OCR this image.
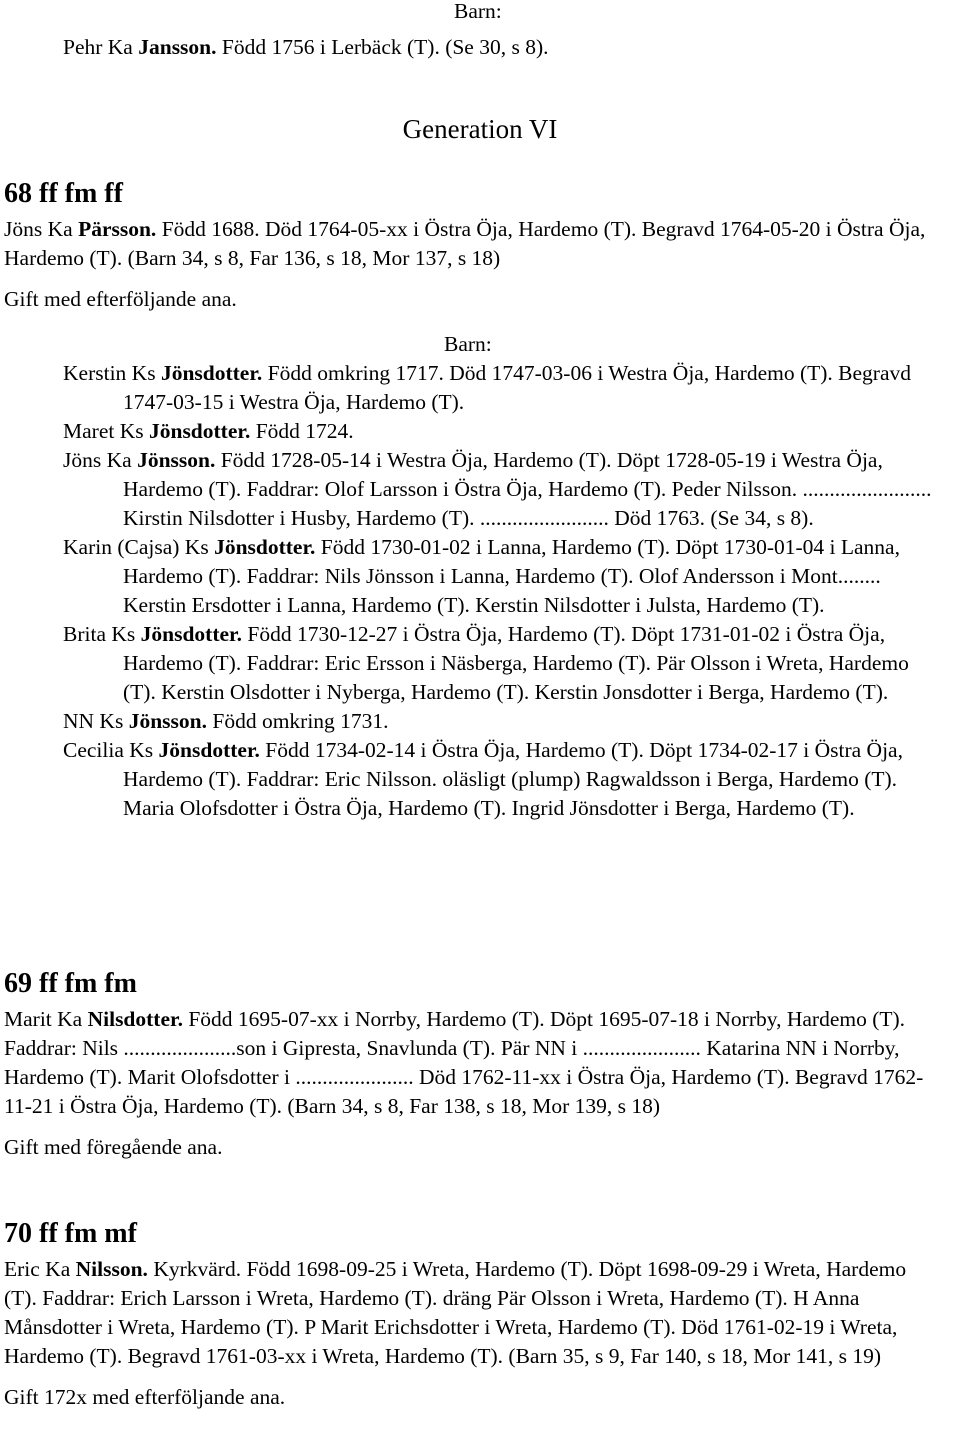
Barn:

Pehr Ka Jansson. Född 1756 i Lerbäck (T). (Se 30, s 8).

Generation VI
68 ff fm ff

Jöns Ka Pärsson. Född 1688. Död 1764-05-xx i Östra Öja, Hardemo (T). Begravd 1764-05-20 i Östra Öja, Hardemo (T). (Barn 34, s 8, Far 136, s 18, Mor 137, s 18)

Gift med efterföljande ana.

Barn:

Kerstin Ks Jönsdotter. Född omkring 1717. Död 1747-03-06 i Westra Öja, Hardemo (T). Begravd 1747-03-15 i Westra Öja, Hardemo (T).
Maret Ks Jönsdotter. Född 1724.
Jöns Ka Jönsson. Född 1728-05-14 i Westra Öja, Hardemo (T). Döpt 1728-05-19 i Westra Öja, Hardemo (T). Faddrar: Olof Larsson i Östra Öja, Hardemo (T). Peder Nilsson. ........................ Kirstin Nilsdotter i Husby, Hardemo (T). ........................ Död 1763. (Se 34, s 8).
Karin (Cajsa) Ks Jönsdotter. Född 1730-01-02 i Lanna, Hardemo (T). Döpt 1730-01-04 i Lanna, Hardemo (T). Faddrar: Nils Jönsson i Lanna, Hardemo (T). Olof Andersson i Mont........ Kerstin Ersdotter i Lanna, Hardemo (T). Kerstin Nilsdotter i Julsta, Hardemo (T).
Brita Ks Jönsdotter. Född 1730-12-27 i Östra Öja, Hardemo (T). Döpt 1731-01-02 i Östra Öja, Hardemo (T). Faddrar: Eric Ersson i Näsberga, Hardemo (T). Pär Olsson i Wreta, Hardemo (T). Kerstin Olsdotter i Nyberga, Hardemo (T). Kerstin Jonsdotter i Berga, Hardemo (T).
NN Ks Jönsson. Född omkring 1731.
Cecilia Ks Jönsdotter. Född 1734-02-14 i Östra Öja, Hardemo (T). Döpt 1734-02-17 i Östra Öja, Hardemo (T). Faddrar: Eric Nilsson. oläsligt (plump) Ragwaldsson i Berga, Hardemo (T). Maria Olofsdotter i Östra Öja, Hardemo (T). Ingrid Jönsdotter i Berga, Hardemo (T).
69 ff fm fm

Marit Ka Nilsdotter. Född 1695-07-xx i Norrby, Hardemo (T). Döpt 1695-07-18 i Norrby, Hardemo (T). Faddrar: Nils .....................son i Gipresta, Snavlunda (T). Pär NN i ...................... Katarina NN i Norrby, Hardemo (T). Marit Olofsdotter i ...................... Död 1762-11-xx i Östra Öja, Hardemo (T). Begravd 1762-11-21 i Östra Öja, Hardemo (T). (Barn 34, s 8, Far 138, s 18, Mor 139, s 18)

Gift med föregående ana.

70 ff fm mf

Eric Ka Nilsson. Kyrkvärd. Född 1698-09-25 i Wreta, Hardemo (T). Döpt 1698-09-29 i Wreta, Hardemo (T). Faddrar: Erich Larsson i Wreta, Hardemo (T). dräng Pär Olsson i Wreta, Hardemo (T). H Anna Månsdotter i Wreta, Hardemo (T). P Marit Erichsdotter i Wreta, Hardemo (T). Död 1761-02-19 i Wreta, Hardemo (T). Begravd 1761-03-xx i Wreta, Hardemo (T). (Barn 35, s 9, Far 140, s 18, Mor 141, s 19)

Gift 172x med efterföljande ana.
